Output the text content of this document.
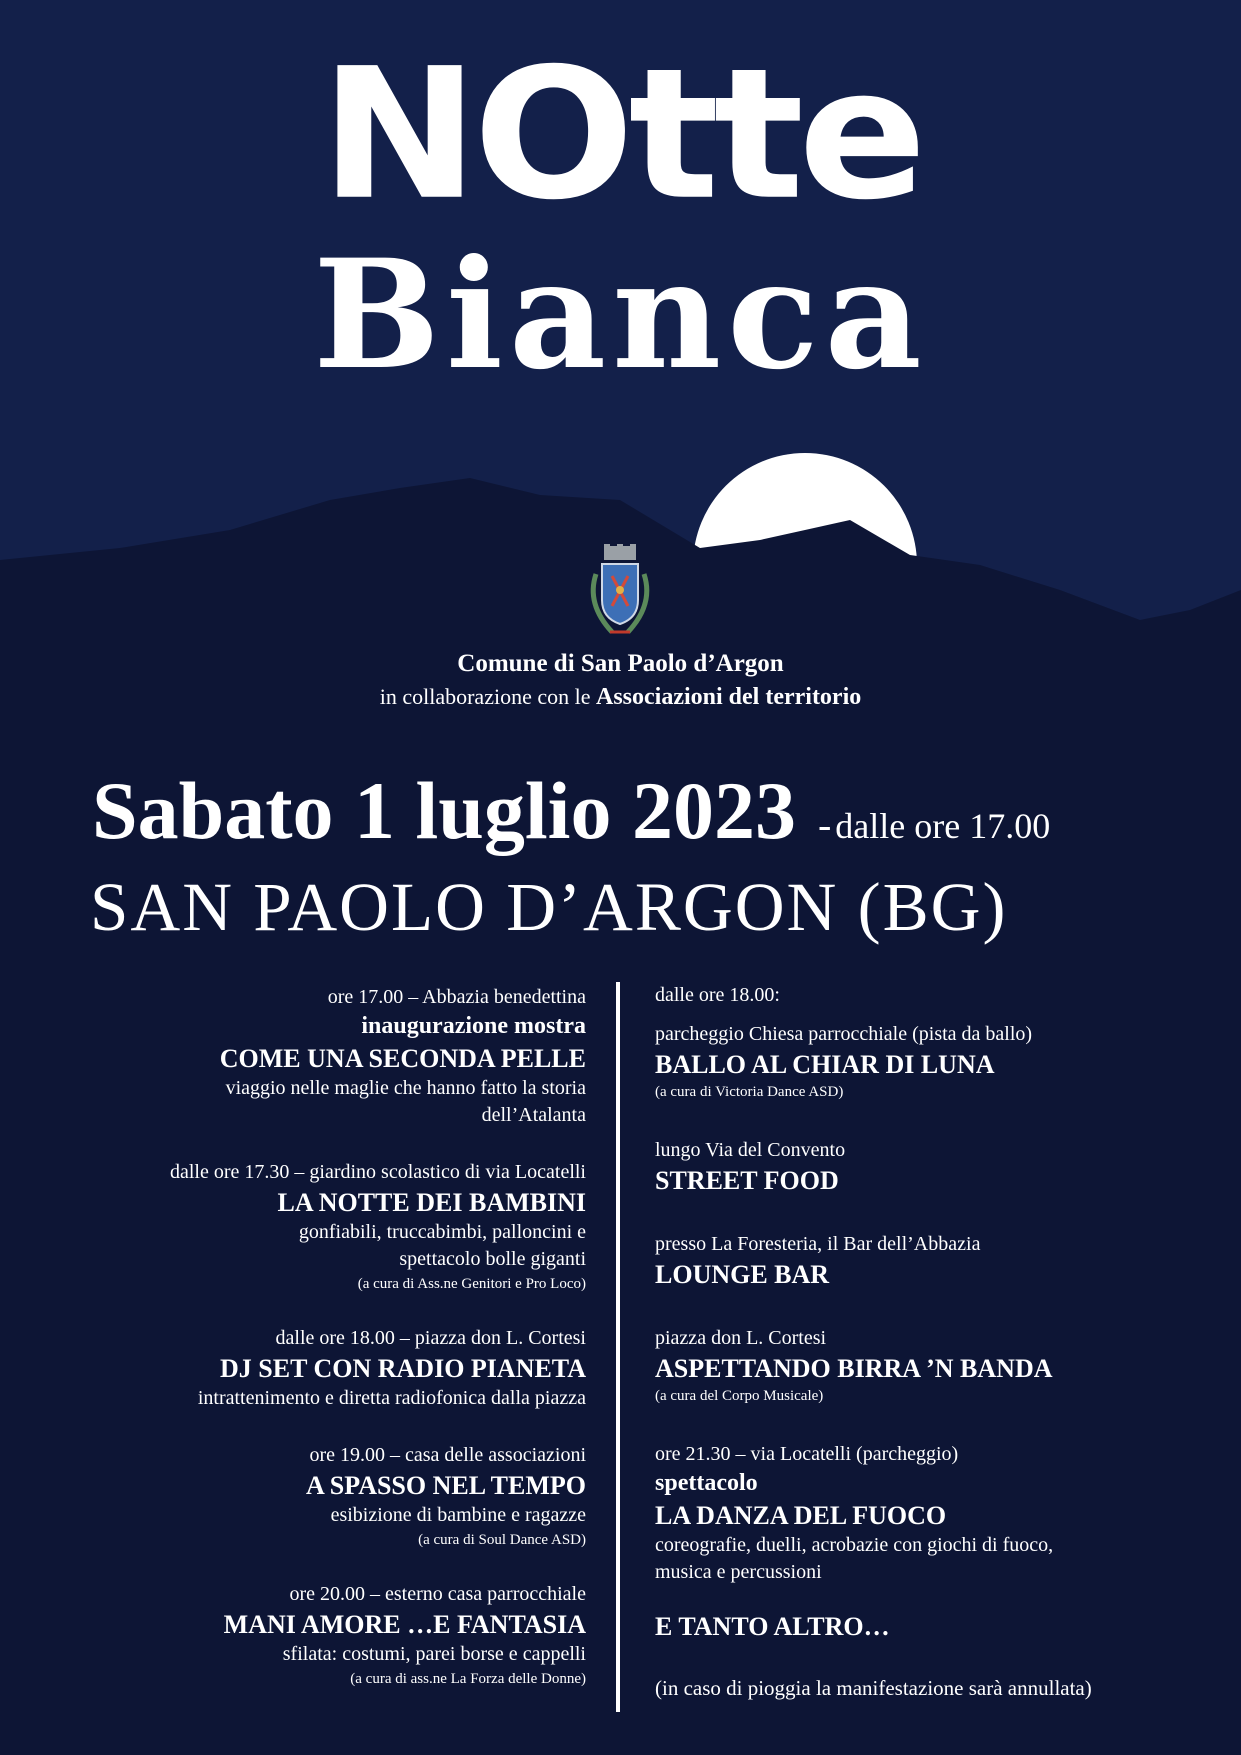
NOtte
Bianca
Comune di San Paolo d’Argon
in collaborazione con le Associazioni del territorio
Sabato 1 luglio 2023 - dalle ore 17.00
SAN PAOLO D’ARGON (BG)
ore 17.00 – Abbazia benedettina
inaugurazione mostra
COME UNA SECONDA PELLE
viaggio nelle maglie che hanno fatto la storia
dell’Atalanta
dalle ore 17.30 – giardino scolastico di via Locatelli
LA NOTTE DEI BAMBINI
gonfiabili, truccabimbi, palloncini e
spettacolo bolle giganti
(a cura di Ass.ne Genitori e Pro Loco)
dalle ore 18.00 – piazza don L. Cortesi
DJ SET CON RADIO PIANETA
intrattenimento e diretta radiofonica dalla piazza
ore 19.00 – casa delle associazioni
A SPASSO NEL TEMPO
esibizione di bambine e ragazze
(a cura di Soul Dance ASD)
ore 20.00 – esterno casa parrocchiale
MANI AMORE …E FANTASIA
sfilata: costumi, parei borse e cappelli
(a cura di ass.ne La Forza delle Donne)
dalle ore 18.00:
parcheggio Chiesa parrocchiale (pista da ballo)
BALLO AL CHIAR DI LUNA
(a cura di Victoria Dance ASD)
lungo Via del Convento
STREET FOOD
presso La Foresteria, il Bar dell’Abbazia
LOUNGE BAR
piazza don L. Cortesi
ASPETTANDO BIRRA ’N BANDA
(a cura del Corpo Musicale)
ore 21.30 – via Locatelli (parcheggio)
spettacolo
LA DANZA DEL FUOCO
coreografie, duelli, acrobazie con giochi di fuoco,
musica e percussioni
E TANTO ALTRO…
(in caso di pioggia la manifestazione sarà annullata)
